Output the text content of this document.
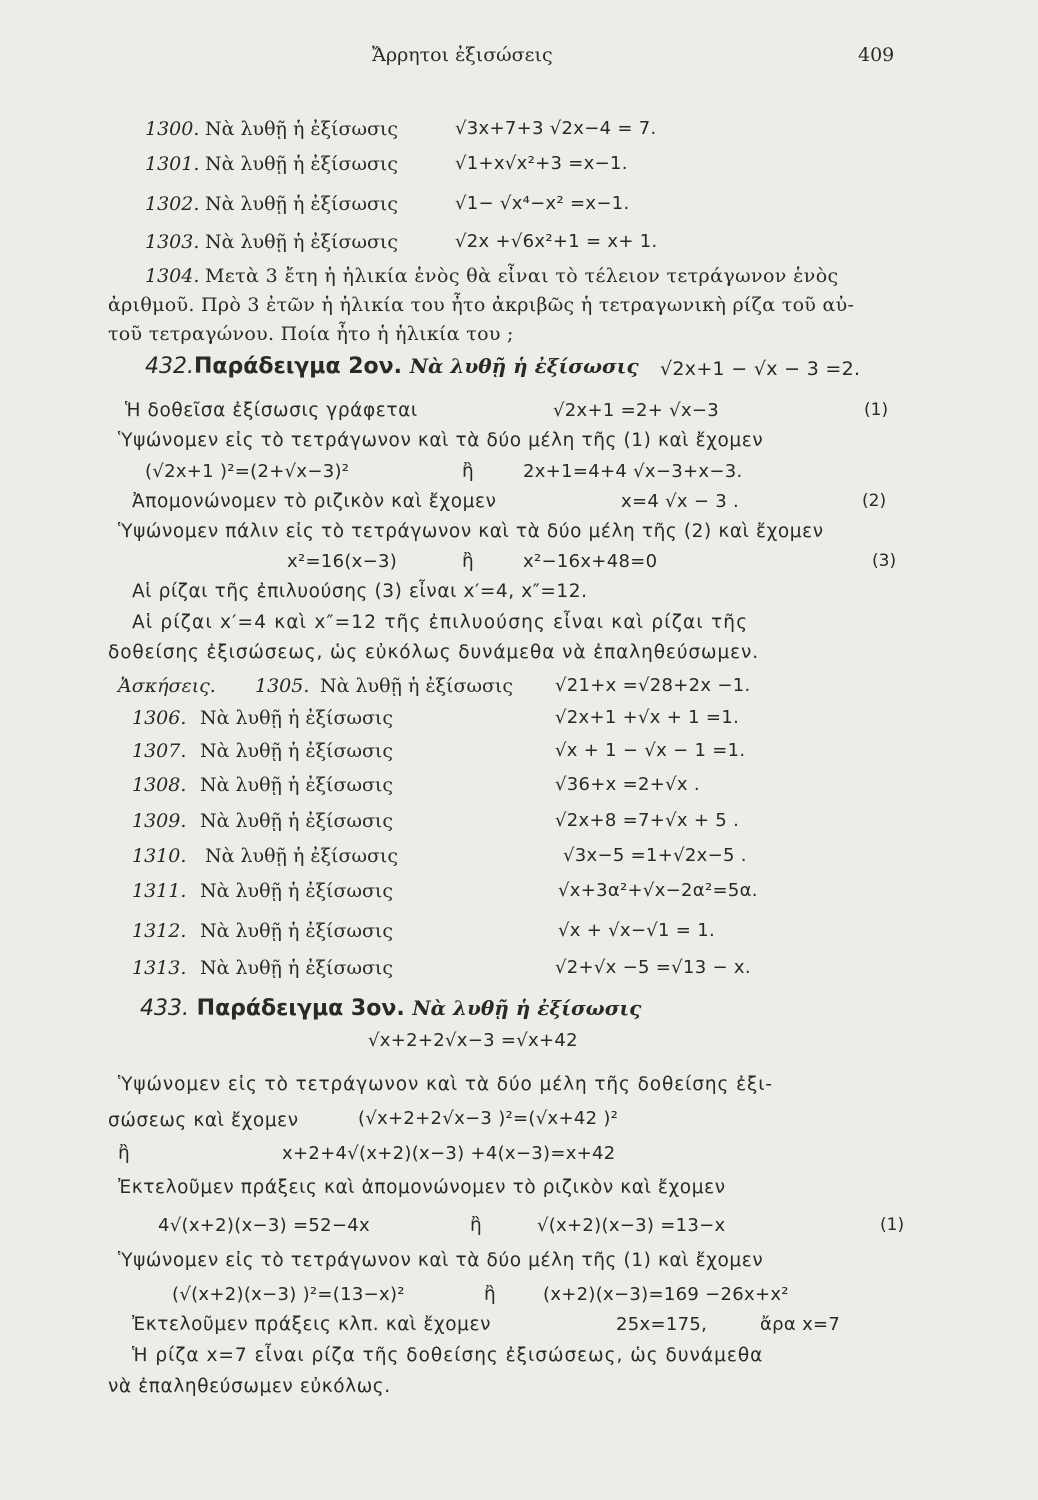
Ἄρρητοι ἐξισώσεις	409
1300. Νὰ λυθῇ ἡ ἐξίσωσις	√3x+7+3 √2x−4 = 7.
1301. Νὰ λυθῇ ἡ ἐξίσωσις	√1+x√x²+3 =x−1.
1302. Νὰ λυθῇ ἡ ἐξίσωσις	√1− √x⁴−x² =x−1.
1303. Νὰ λυθῇ ἡ ἐξίσωσις	√2x +√6x²+1 = x+ 1.
1304. Μετὰ 3 ἔτη ἡ ἡλικία ἑνὸς θὰ εἶναι τὸ τέλειον τετράγωνον ἑνὸς
ἀριθμοῦ. Πρὸ 3 ἐτῶν ἡ ἡλικία του ἦτο ἀκριβῶς ἡ τετραγωνικὴ ρίζα τοῦ αὐ-
τοῦ τετραγώνου. Ποία ἦτο ἡ ἡλικία του ;
432.Παράδειγμα 2ον. Νὰ λυθῇ ἡ ἐξίσωσις √2x+1 − √x − 3 =2.
Ἡ δοθεῖσα ἐξίσωσις γράφεται	√2x+1 =2+ √x−3	(1)
Ὑψώνομεν εἰς τὸ τετράγωνον καὶ τὰ δύο μέλη τῆς (1) καὶ ἔχομεν
(√2x+1 )²=(2+√x−3)²	ἢ	2x+1=4+4 √x−3+x−3.
Ἀπομονώνομεν τὸ ριζικὸν καὶ ἔχομεν	x=4 √x − 3 .	(2)
Ὑψώνομεν πάλιν εἰς τὸ τετράγωνον καὶ τὰ δύο μέλη τῆς (2) καὶ ἔχομεν
x²=16(x−3)	ἢ	x²−16x+48=0	(3)
Αἱ ρίζαι τῆς ἐπιλυούσης (3) εἶναι x′=4, x″=12.
Αἱ ρίζαι x′=4 καὶ x″=12 τῆς ἐπιλυούσης εἶναι καὶ ρίζαι τῆς
δοθείσης ἐξισώσεως, ὡς εὐκόλως δυνάμεθα νὰ ἐπαληθεύσωμεν.
Ἀσκήσεις. 1305. Νὰ λυθῇ ἡ ἐξίσωσις √21+x =√28+2x −1.
1306. Νὰ λυθῇ ἡ ἐξίσωσις	√2x+1 +√x + 1 =1.
1307. Νὰ λυθῇ ἡ ἐξίσωσις	√x + 1 − √x − 1 =1.
1308. Νὰ λυθῇ ἡ ἐξίσωσις	√36+x =2+√x .
1309. Νὰ λυθῇ ἡ ἐξίσωσις	√2x+8 =7+√x + 5 .
1310. Νὰ λυθῇ ἡ ἐξίσωσις	√3x−5 =1+√2x−5 .
1311. Νὰ λυθῇ ἡ ἐξίσωσις	√x+3α²+√x−2α²=5α.
1312. Νὰ λυθῇ ἡ ἐξίσωσις	√x + √x−√1 = 1.
1313. Νὰ λυθῇ ἡ ἐξίσωσις	√2+√x −5 =√13 − x.
433. Παράδειγμα 3ον. Νὰ λυθῇ ἡ ἐξίσωσις
√x+2+2√x−3 =√x+42
Ὑψώνομεν εἰς τὸ τετράγωνον καὶ τὰ δύο μέλη τῆς δοθείσης ἐξι-
σώσεως καὶ ἔχομεν	(√x+2+2√x−3 )²=(√x+42 )²
ἢ	x+2+4√(x+2)(x−3) +4(x−3)=x+42
Ἐκτελοῦμεν πράξεις καὶ ἀπομονώνομεν τὸ ριζικὸν καὶ ἔχομεν
4√(x+2)(x−3) =52−4x	ἢ	√(x+2)(x−3) =13−x	(1)
Ὑψώνομεν εἰς τὸ τετράγωνον καὶ τὰ δύο μέλη τῆς (1) καὶ ἔχομεν
(√(x+2)(x−3) )²=(13−x)²	ἢ	(x+2)(x−3)=169 −26x+x²
Ἐκτελοῦμεν πράξεις κλπ. καὶ ἔχομεν	25x=175,	ἄρα x=7
Ἡ ρίζα x=7 εἶναι ρίζα τῆς δοθείσης ἐξισώσεως, ὡς δυνάμεθα
νὰ ἐπαληθεύσωμεν εὐκόλως.
